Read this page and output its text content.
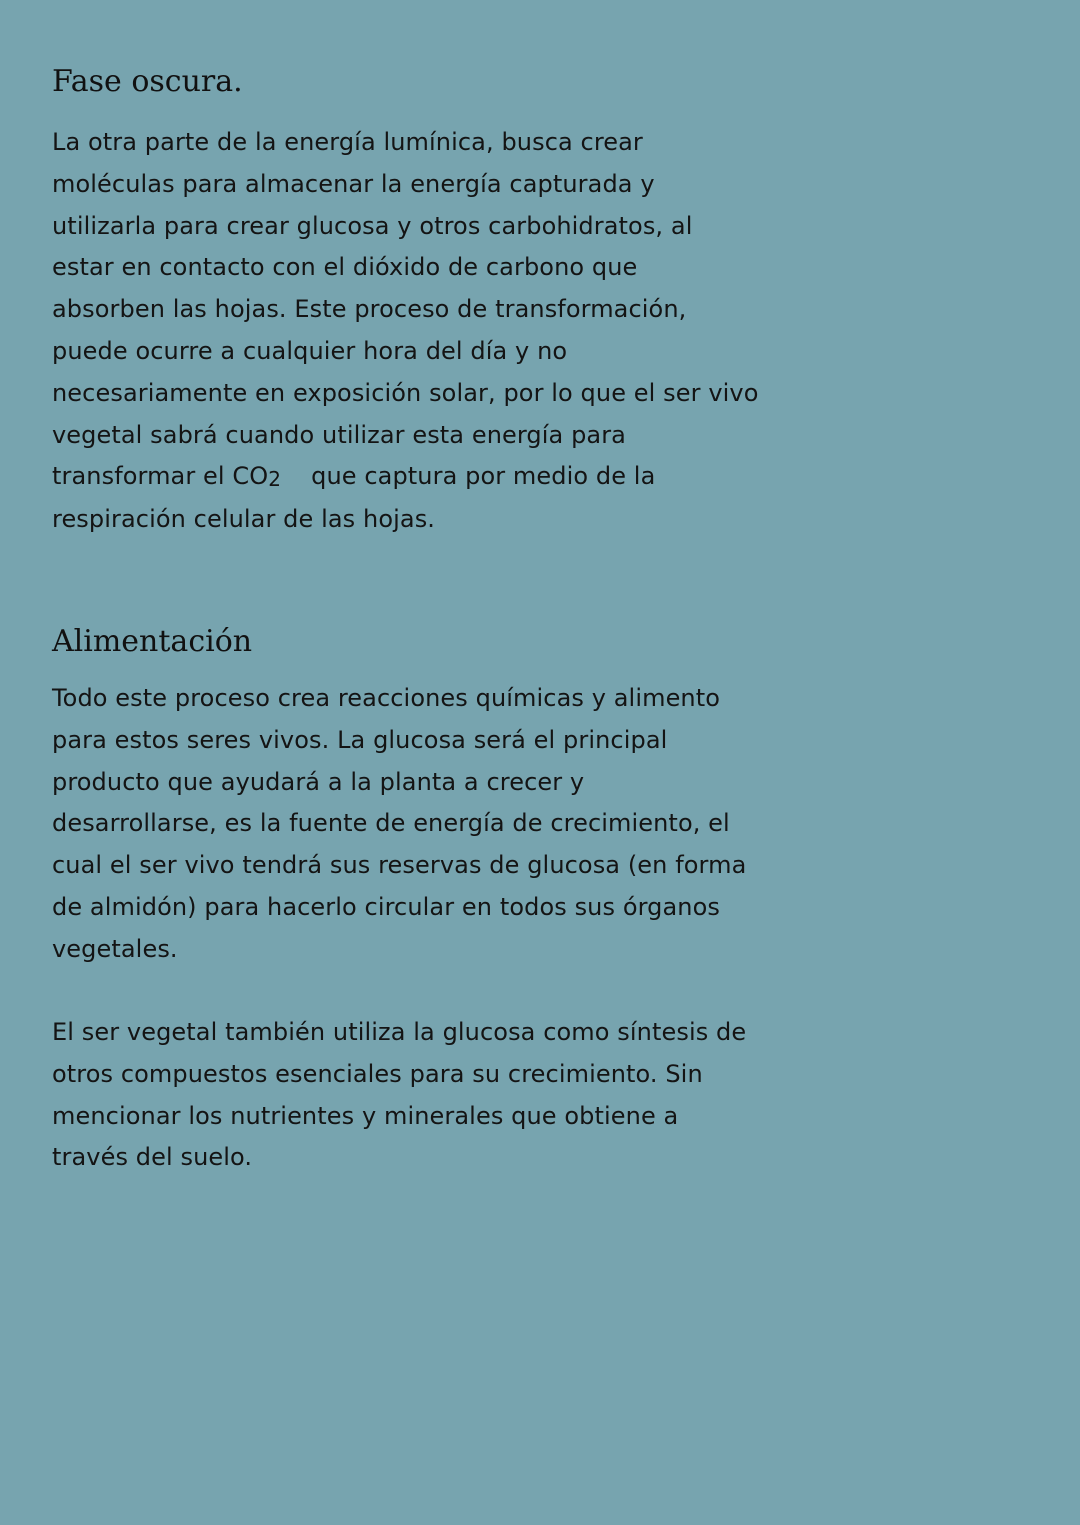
Fase oscura.
La otra parte de la energía lumínica, busca crear
moléculas para almacenar la energía capturada y
utilizarla para crear glucosa y otros carbohidratos, al
estar en contacto con el dióxido de carbono que
absorben las hojas. Este proceso de transformación,
puede ocurre a cualquier hora del día y no
necesariamente en exposición solar, por lo que el ser vivo
vegetal sabrá cuando utilizar esta energía para
transformar el $CO_2$ que captura por medio de la
respiración celular de las hojas.
Alimentación
Todo este proceso crea reacciones químicas y alimento
para estos seres vivos. La glucosa será el principal
producto que ayudará a la planta a crecer y
desarrollarse, es la fuente de energía de crecimiento, el
cual el ser vivo tendrá sus reservas de glucosa (en forma
de almidón) para hacerlo circular en todos sus órganos
vegetales.
El ser vegetal también utiliza la glucosa como síntesis de
otros compuestos esenciales para su crecimiento. Sin
mencionar los nutrientes y minerales que obtiene a
través del suelo.
